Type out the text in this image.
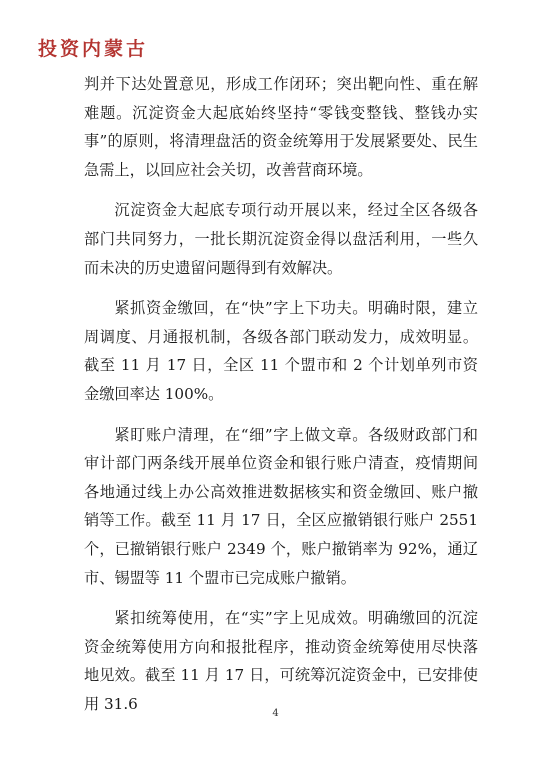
投资内蒙古

判并下达处置意见，形成工作闭环；突出靶向性、重在解难题。沉淀资金大起底始终坚持“零钱变整钱、整钱办实事”的原则，将清理盘活的资金统筹用于发展紧要处、民生急需上，以回应社会关切，改善营商环境。

沉淀资金大起底专项行动开展以来，经过全区各级各部门共同努力，一批长期沉淀资金得以盘活利用，一些久而未决的历史遗留问题得到有效解决。

紧抓资金缴回，在“快”字上下功夫。明确时限，建立周调度、月通报机制，各级各部门联动发力，成效明显。截至 11 月 17 日，全区 11 个盟市和 2 个计划单列市资金缴回率达 100%。

紧盯账户清理，在“细”字上做文章。各级财政部门和审计部门两条线开展单位资金和银行账户清查，疫情期间各地通过线上办公高效推进数据核实和资金缴回、账户撤销等工作。截至 11 月 17 日，全区应撤销银行账户 2551 个，已撤销银行账户 2349 个，账户撤销率为 92%，通辽市、锡盟等 11 个盟市已完成账户撤销。

紧扣统筹使用，在“实”字上见成效。明确缴回的沉淀资金统筹使用方向和报批程序，推动资金统筹使用尽快落地见效。截至 11 月 17 日，可统筹沉淀资金中，已安排使用 31.6

4
